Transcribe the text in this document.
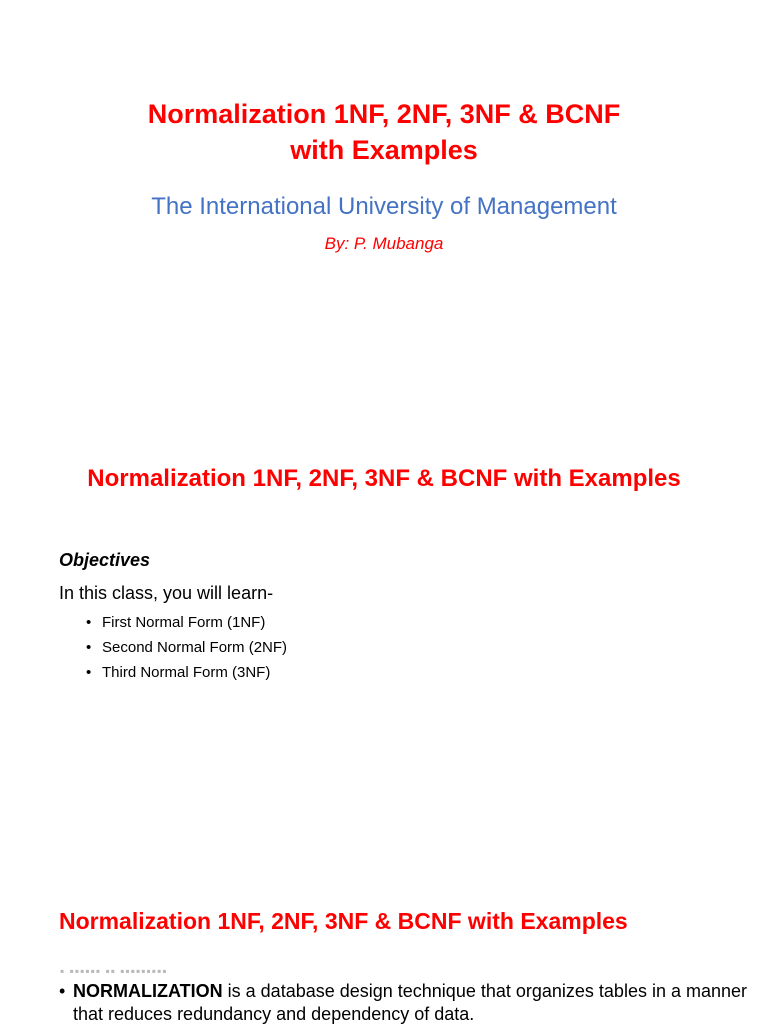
Normalization 1NF, 2NF, 3NF & BCNF
with Examples

The International University of Management

By: P. Mubanga

Normalization 1NF, 2NF, 3NF & BCNF with Examples

Objectives

In this class, you will learn-

• First Normal Form (1NF)
• Second Normal Form (2NF)
• Third Normal Form (3NF)
Normalization 1NF, 2NF, 3NF & BCNF with Examples
▪ ▪▪▪▪▪▪ ▪▪ ▪▪▪▪▪▪▪▪▪

• NORMALIZATION is a database design technique that organizes tables in a manner that reduces redundancy and dependency of data.
